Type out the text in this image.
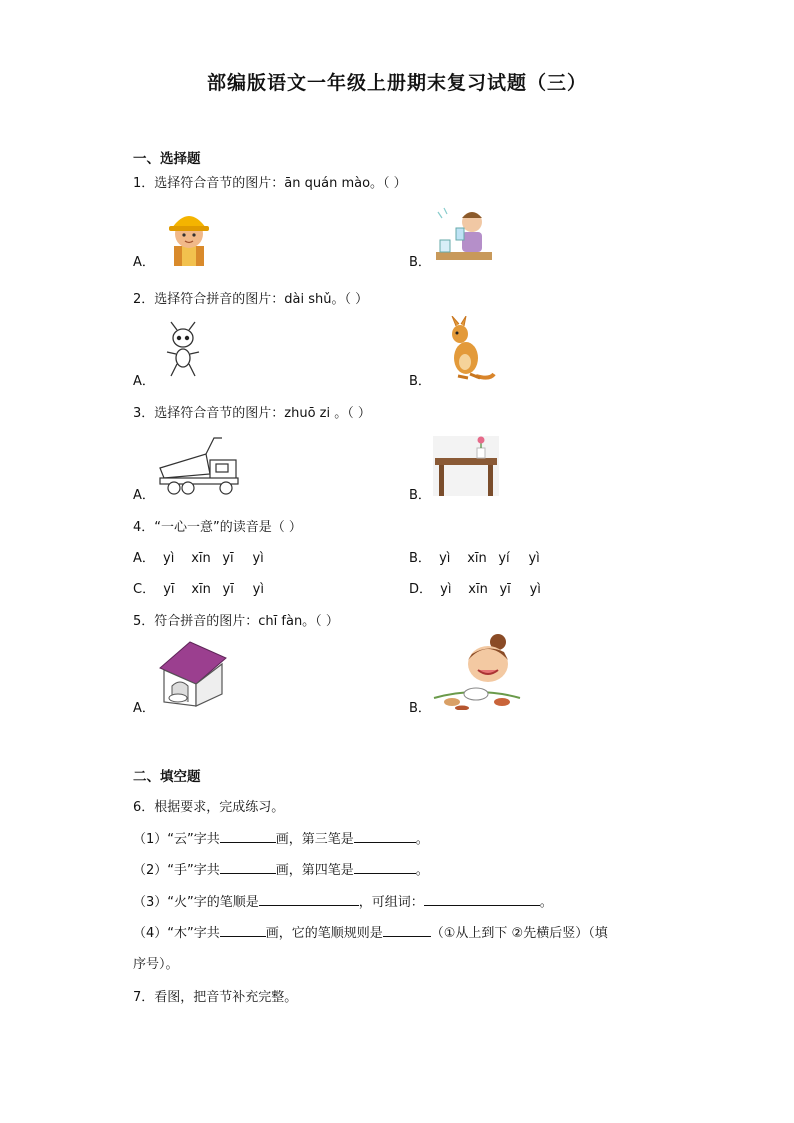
部编版语文一年级上册期末复习试题（三）
一、选择题
1．选择符合音节的图片：ān quán mào。（ ）
A．	B．
2．选择符合拼音的图片：dài shǔ。（ ）
A．	B．
3．选择符合音节的图片：zhuō zi 。（ ）
A．	B．
4．“一心一意”的读音是（ ）
A． yì xīn yī yì	B． yì xīn yí yì
C． yī xīn yī yì	D． yì xīn yī yì
5．符合拼音的图片：chī fàn。（ ）
A．	B．
二、填空题
6．根据要求，完成练习。
（1）“云”字共	画，第三笔是	。
（2）“手”字共	画，第四笔是	。
（3）“火”字的笔顺是	，可组词：	。
（4）“木”字共	画，它的笔顺规则是	（①从上到下 ②先横后竖）（填
序号）。
7．看图，把音节补充完整。
